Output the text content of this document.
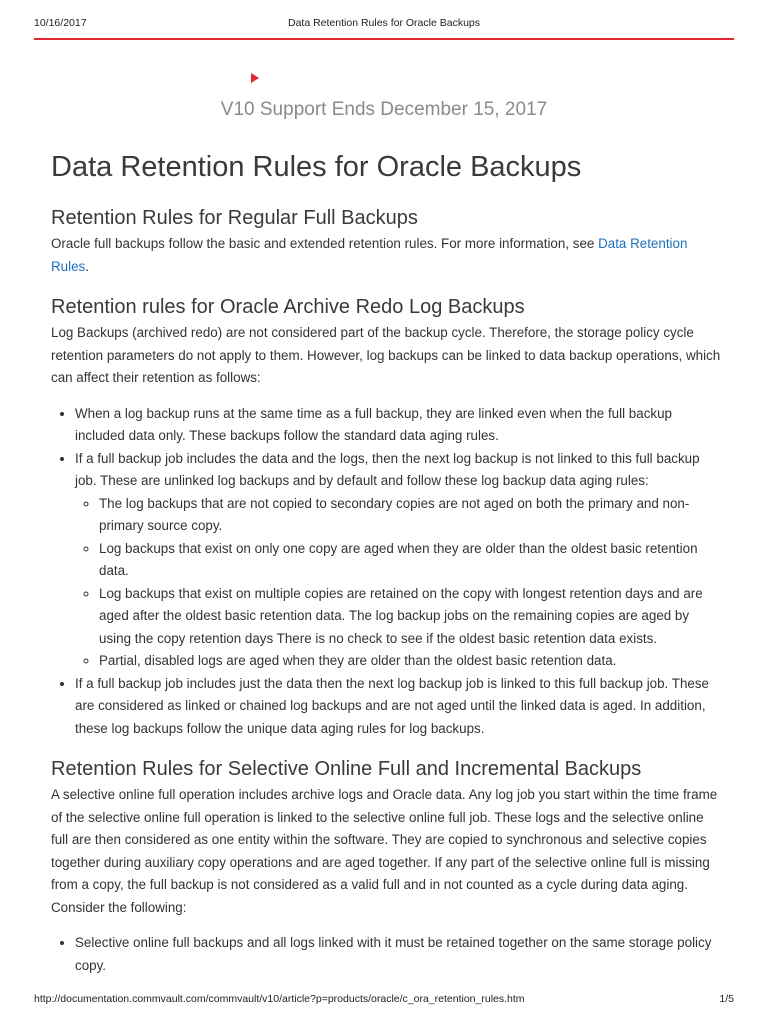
10/16/2017	Data Retention Rules for Oracle Backups
V10 Support Ends December 15, 2017
Data Retention Rules for Oracle Backups
Retention Rules for Regular Full Backups

Oracle full backups follow the basic and extended retention rules. For more information, see Data Retention Rules.

Retention rules for Oracle Archive Redo Log Backups

Log Backups (archived redo) are not considered part of the backup cycle. Therefore, the storage policy cycle retention parameters do not apply to them. However, log backups can be linked to data backup operations, which can affect their retention as follows:

• When a log backup runs at the same time as a full backup, they are linked even when the full backup included data only. These backups follow the standard data aging rules.
• If a full backup job includes the data and the logs, then the next log backup is not linked to this full backup job. These are unlinked log backups and by default and follow these log backup data aging rules:
◦ The log backups that are not copied to secondary copies are not aged on both the primary and non-primary source copy.
◦ Log backups that exist on only one copy are aged when they are older than the oldest basic retention data.
◦ Log backups that exist on multiple copies are retained on the copy with longest retention days and are aged after the oldest basic retention data. The log backup jobs on the remaining copies are aged by using the copy retention days There is no check to see if the oldest basic retention data exists.
◦ Partial, disabled logs are aged when they are older than the oldest basic retention data.
• If a full backup job includes just the data then the next log backup job is linked to this full backup job. These are considered as linked or chained log backups and are not aged until the linked data is aged. In addition, these log backups follow the unique data aging rules for log backups.
Retention Rules for Selective Online Full and Incremental Backups

A selective online full operation includes archive logs and Oracle data. Any log job you start within the time frame of the selective online full operation is linked to the selective online full job. These logs and the selective online full are then considered as one entity within the software. They are copied to synchronous and selective copies together during auxiliary copy operations and are aged together. If any part of the selective online full is missing from a copy, the full backup is not considered as a valid full and in not counted as a cycle during data aging. Consider the following:

• Selective online full backups and all logs linked with it must be retained together on the same storage policy copy.
http://documentation.commvault.com/commvault/v10/article?p=products/oracle/c_ora_retention_rules.htm	1/5
